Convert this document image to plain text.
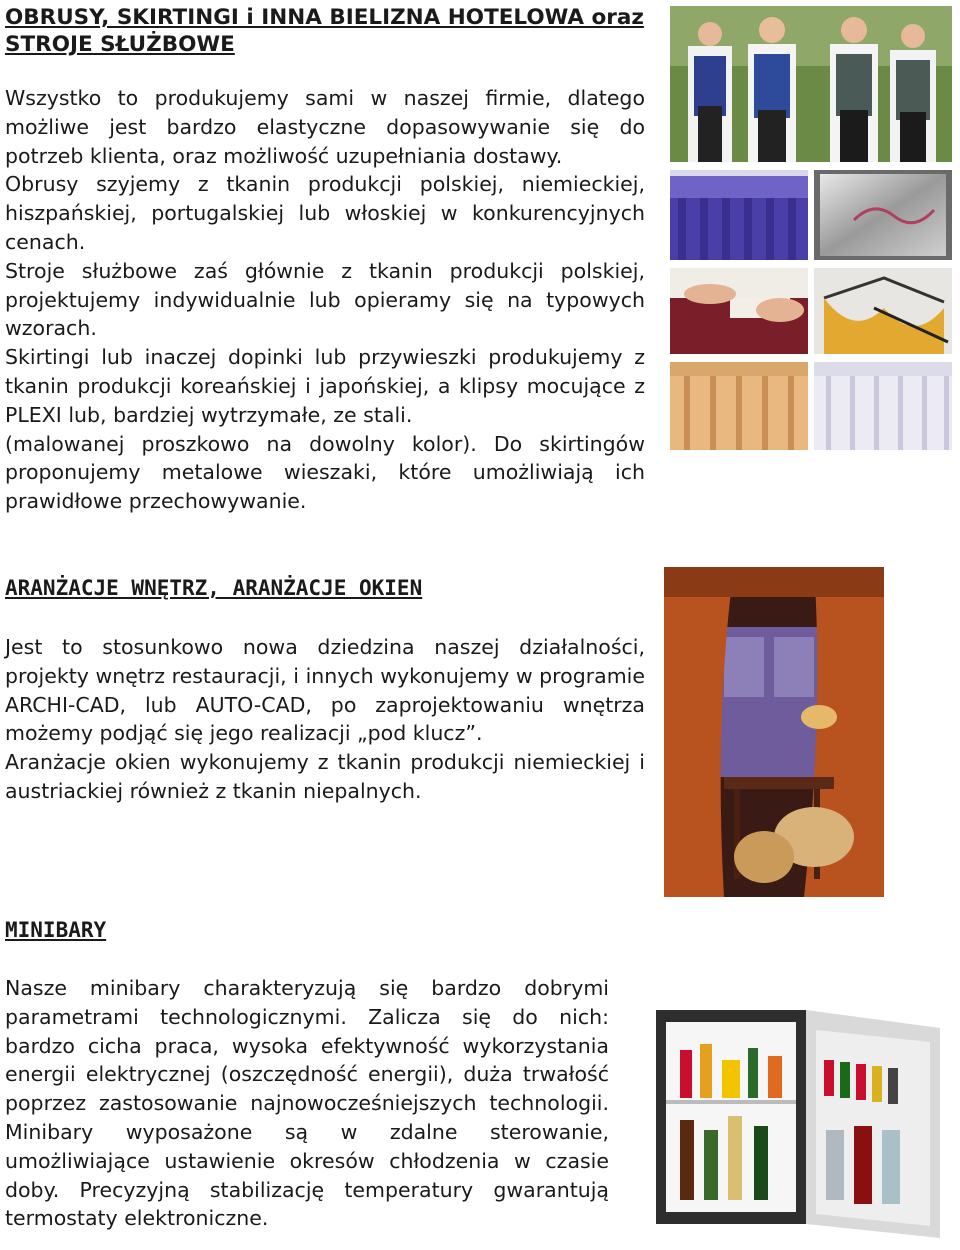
OBRUSY, SKIRTINGI i INNA BIELIZNA HOTELOWA oraz
STROJE SŁUŻBOWE

Wszystko to produkujemy sami w naszej firmie, dlatego możliwe jest bardzo elastyczne dopasowywanie się do potrzeb klienta, oraz możliwość uzupełniania dostawy.

Obrusy szyjemy z tkanin produkcji polskiej, niemieckiej, hiszpańskiej, portugalskiej lub włoskiej w konkurencyjnych cenach.

Stroje służbowe zaś głównie z tkanin produkcji polskiej, projektujemy indywidualnie lub opieramy się na typowych wzorach.

Skirtingi lub inaczej dopinki lub przywieszki produkujemy z tkanin produkcji koreańskiej i japońskiej, a klipsy mocujące z PLEXI lub, bardziej wytrzymałe, ze stali.

(malowanej proszkowo na dowolny kolor). Do skirtingów proponujemy metalowe wieszaki, które umożliwiają ich prawidłowe przechowywanie.

ARANŻACJE WNĘTRZ, ARANŻACJE OKIEN

Jest to stosunkowo nowa dziedzina naszej działalności, projekty wnętrz restauracji, i innych wykonujemy w programie ARCHI-CAD, lub AUTO-CAD, po zaprojektowaniu wnętrza możemy podjąć się jego realizacji „pod klucz”.

Aranżacje okien wykonujemy z tkanin produkcji niemieckiej i austriackiej również z tkanin niepalnych.

MINIBARY

Nasze minibary charakteryzują się bardzo dobrymi parametrami technologicznymi. Zalicza się do nich: bardzo cicha praca, wysoka efektywność wykorzystania energii elektrycznej (oszczędność energii), duża trwałość poprzez zastosowanie najnowocześniejszych technologii. Minibary wyposażone są w zdalne sterowanie, umożliwiające ustawienie okresów chłodzenia w czasie doby. Precyzyjną stabilizację temperatury gwarantują termostaty elektroniczne.
